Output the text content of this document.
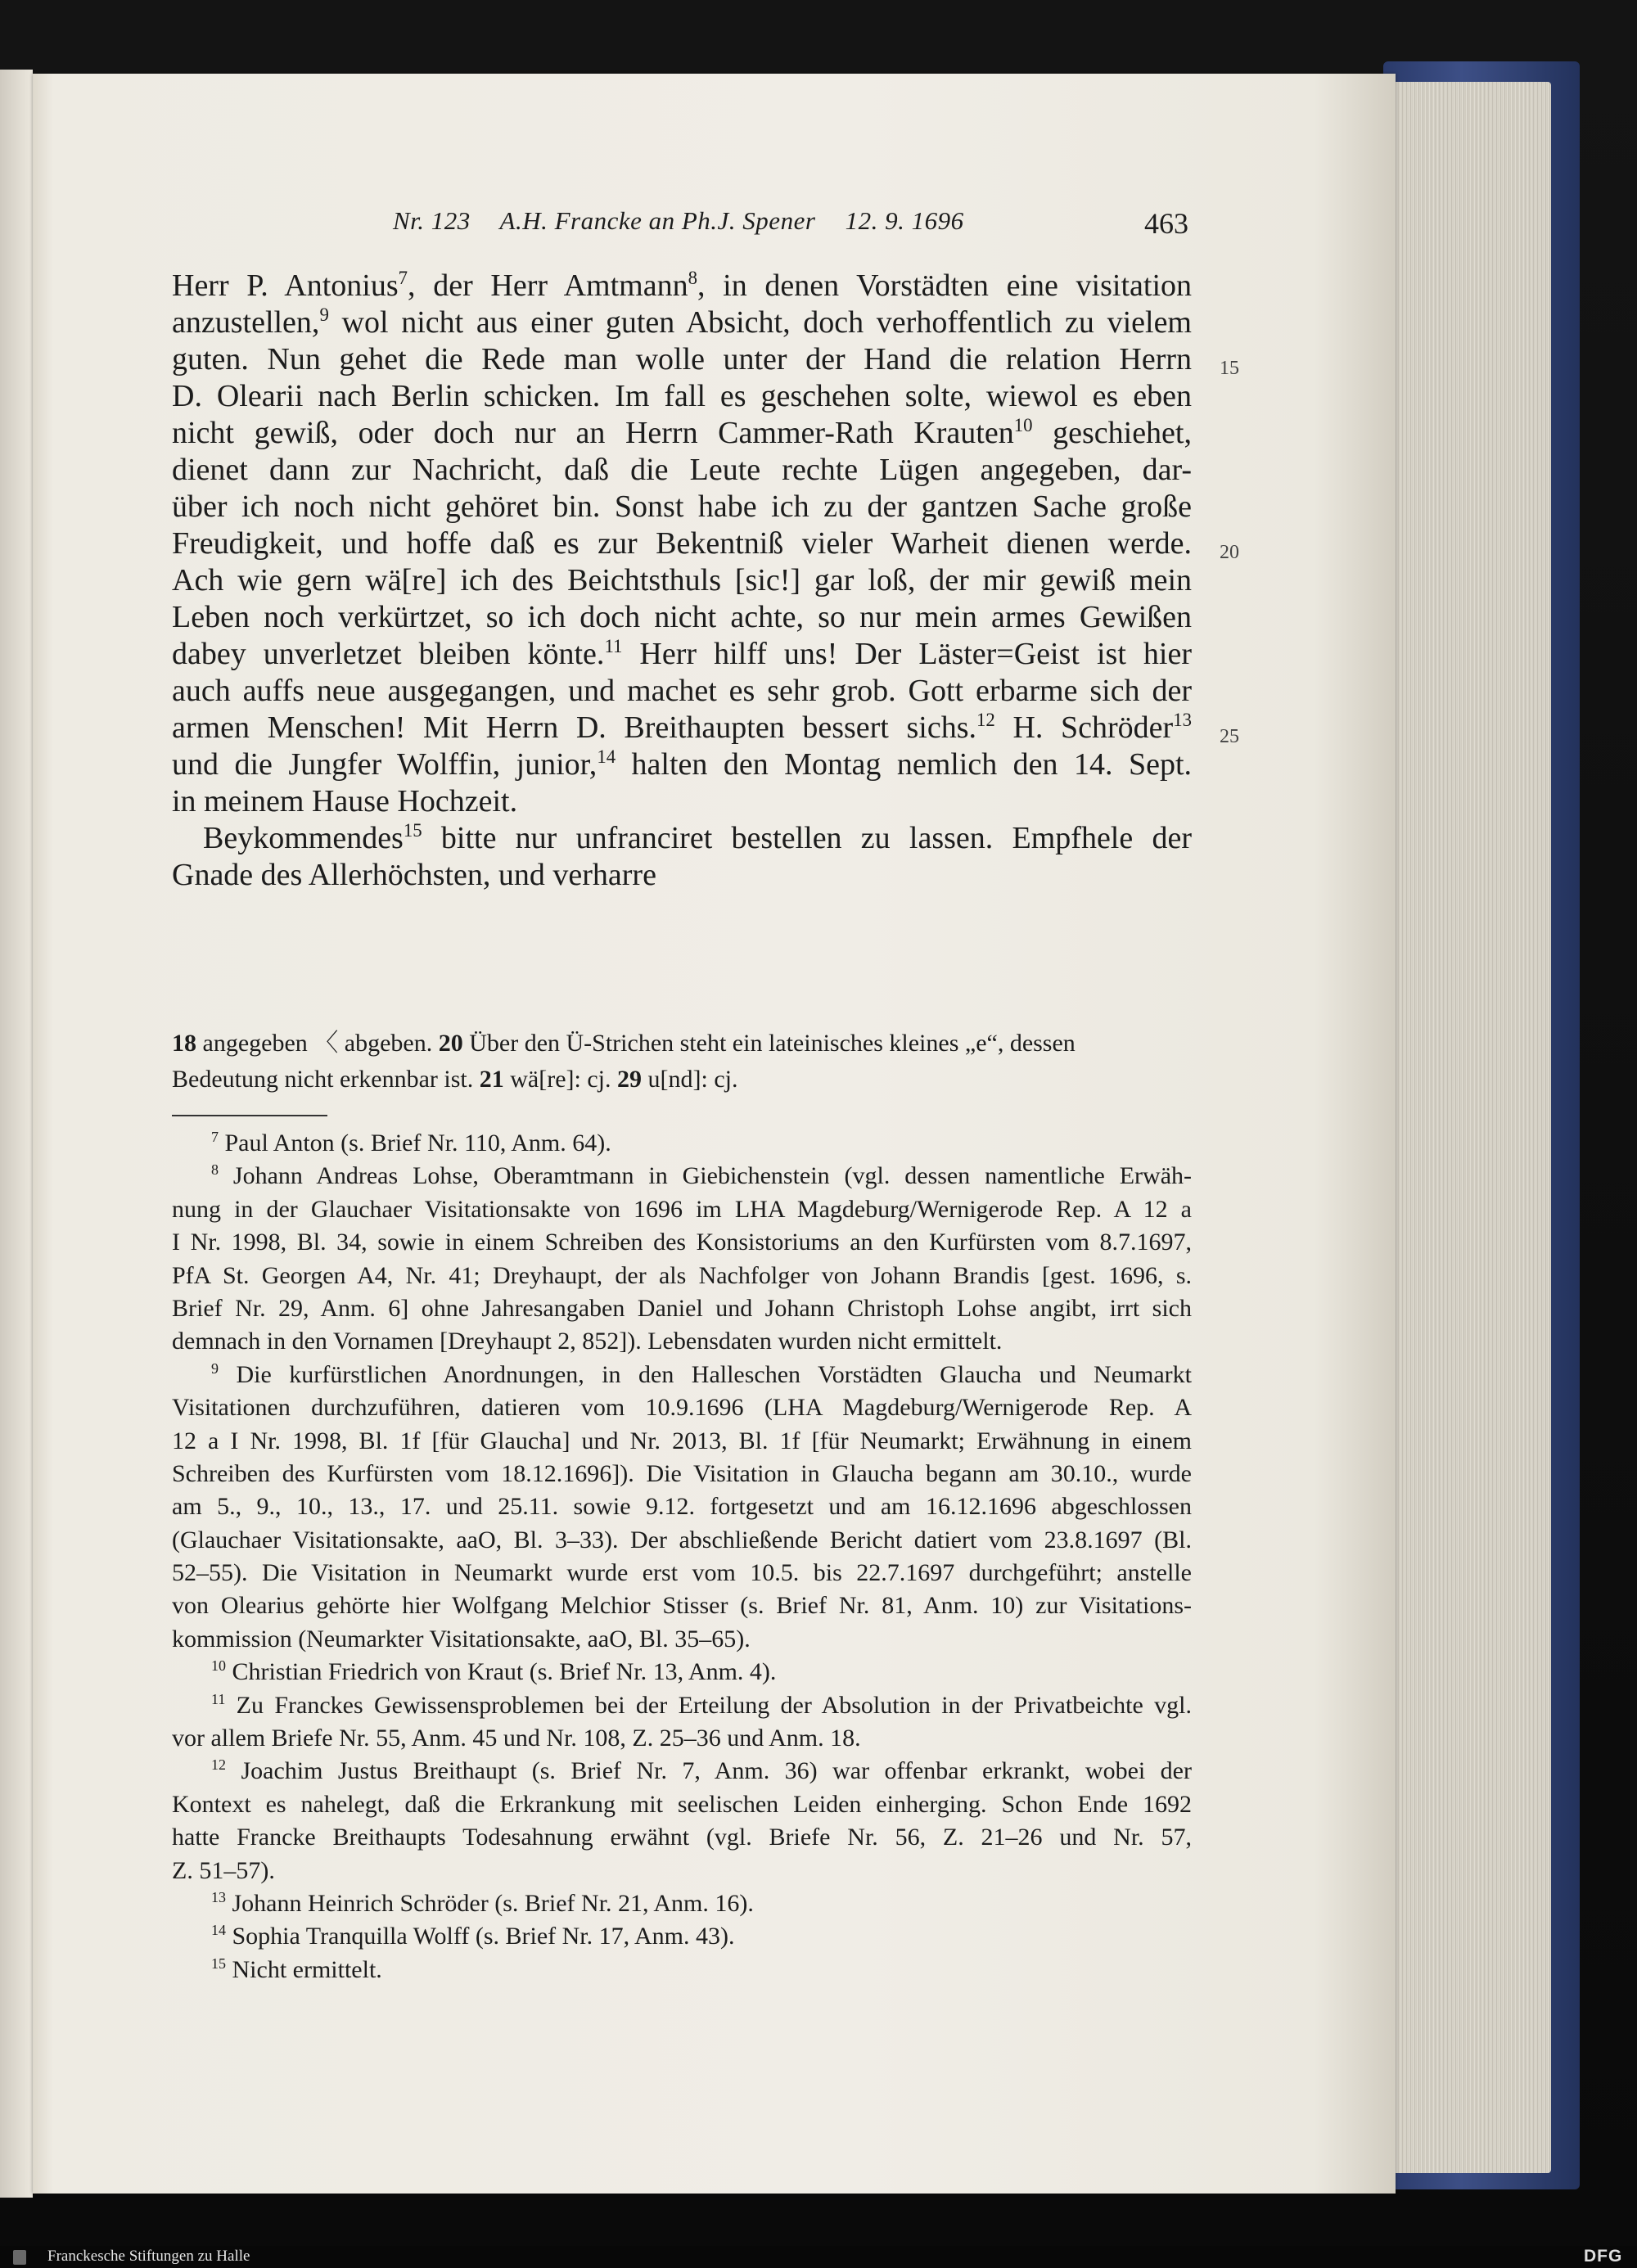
Nr. 123 A.H. Francke an Ph.J. Spener 12. 9. 1696	463
Herr P. Antonius$^7$, der Herr Amtmann$^8$, in denen Vorstädten eine visitation
anzustellen,$^9$ wol nicht aus einer guten Absicht, doch verhoffentlich zu vielem
guten. Nun gehet die Rede man wolle unter der Hand die relation Herrn
D. Olearii nach Berlin schicken. Im fall es geschehen solte, wiewol es eben
nicht gewiß, oder doch nur an Herrn Cammer-Rath Krauten$^{10}$ geschiehet,
dienet dann zur Nachricht, daß die Leute rechte Lügen angegeben, dar-
über ich noch nicht gehöret bin. Sonst habe ich zu der gantzen Sache große
Freudigkeit, und hoffe daß es zur Bekentniß vieler Warheit dienen werde.
Ach wie gern wä[re] ich des Beichtsthuls [sic!] gar loß, der mir gewiß mein
Leben noch verkürtzet, so ich doch nicht achte, so nur mein armes Gewißen
dabey unverletzet bleiben könte.$^{11}$ Herr hilff uns! Der Läster=Geist ist hier
auch auffs neue ausgegangen, und machet es sehr grob. Gott erbarme sich der
armen Menschen! Mit Herrn D. Breithaupten bessert sichs.$^{12}$ H. Schröder$^{13}$
und die Jungfer Wolffin, junior,$^{14}$ halten den Montag nemlich den 14. Sept.
in meinem Hause Hochzeit.
Beykommendes$^{15}$ bitte nur unfranciret bestellen zu lassen. Empfhele der
Gnade des Allerhöchsten, und verharre
15
20
25
18 angegeben 〈 abgeben. 20 Über den Ü-Strichen steht ein lateinisches kleines „e“, dessen
Bedeutung nicht erkennbar ist. 21 wä[re]: cj. 29 u[nd]: cj.
$^7$ Paul Anton (s. Brief Nr. 110, Anm. 64).
$^8$ Johann Andreas Lohse, Oberamtmann in Giebichenstein (vgl. dessen namentliche Erwäh-
nung in der Glauchaer Visitationsakte von 1696 im LHA Magdeburg/Wernigerode Rep. A 12 a
I Nr. 1998, Bl. 34, sowie in einem Schreiben des Konsistoriums an den Kurfürsten vom 8.7.1697,
PfA St. Georgen A4, Nr. 41; Dreyhaupt, der als Nachfolger von Johann Brandis [gest. 1696, s.
Brief Nr. 29, Anm. 6] ohne Jahresangaben Daniel und Johann Christoph Lohse angibt, irrt sich
demnach in den Vornamen [Dreyhaupt 2, 852]). Lebensdaten wurden nicht ermittelt.
$^9$ Die kurfürstlichen Anordnungen, in den Halleschen Vorstädten Glaucha und Neumarkt
Visitationen durchzuführen, datieren vom 10.9.1696 (LHA Magdeburg/Wernigerode Rep. A
12 a I Nr. 1998, Bl. 1f [für Glaucha] und Nr. 2013, Bl. 1f [für Neumarkt; Erwähnung in einem
Schreiben des Kurfürsten vom 18.12.1696]). Die Visitation in Glaucha begann am 30.10., wurde
am 5., 9., 10., 13., 17. und 25.11. sowie 9.12. fortgesetzt und am 16.12.1696 abgeschlossen
(Glauchaer Visitationsakte, aaO, Bl. 3–33). Der abschließende Bericht datiert vom 23.8.1697 (Bl.
52–55). Die Visitation in Neumarkt wurde erst vom 10.5. bis 22.7.1697 durchgeführt; anstelle
von Olearius gehörte hier Wolfgang Melchior Stisser (s. Brief Nr. 81, Anm. 10) zur Visitations-
kommission (Neumarkter Visitationsakte, aaO, Bl. 35–65).
$^{10}$ Christian Friedrich von Kraut (s. Brief Nr. 13, Anm. 4).
$^{11}$ Zu Franckes Gewissensproblemen bei der Erteilung der Absolution in der Privatbeichte vgl.
vor allem Briefe Nr. 55, Anm. 45 und Nr. 108, Z. 25–36 und Anm. 18.
$^{12}$ Joachim Justus Breithaupt (s. Brief Nr. 7, Anm. 36) war offenbar erkrankt, wobei der
Kontext es nahelegt, daß die Erkrankung mit seelischen Leiden einherging. Schon Ende 1692
hatte Francke Breithaupts Todesahnung erwähnt (vgl. Briefe Nr. 56, Z. 21–26 und Nr. 57,
Z. 51–57).
$^{13}$ Johann Heinrich Schröder (s. Brief Nr. 21, Anm. 16).
$^{14}$ Sophia Tranquilla Wolff (s. Brief Nr. 17, Anm. 43).
$^{15}$ Nicht ermittelt.
Franckesche Stiftungen zu Halle	DFG
